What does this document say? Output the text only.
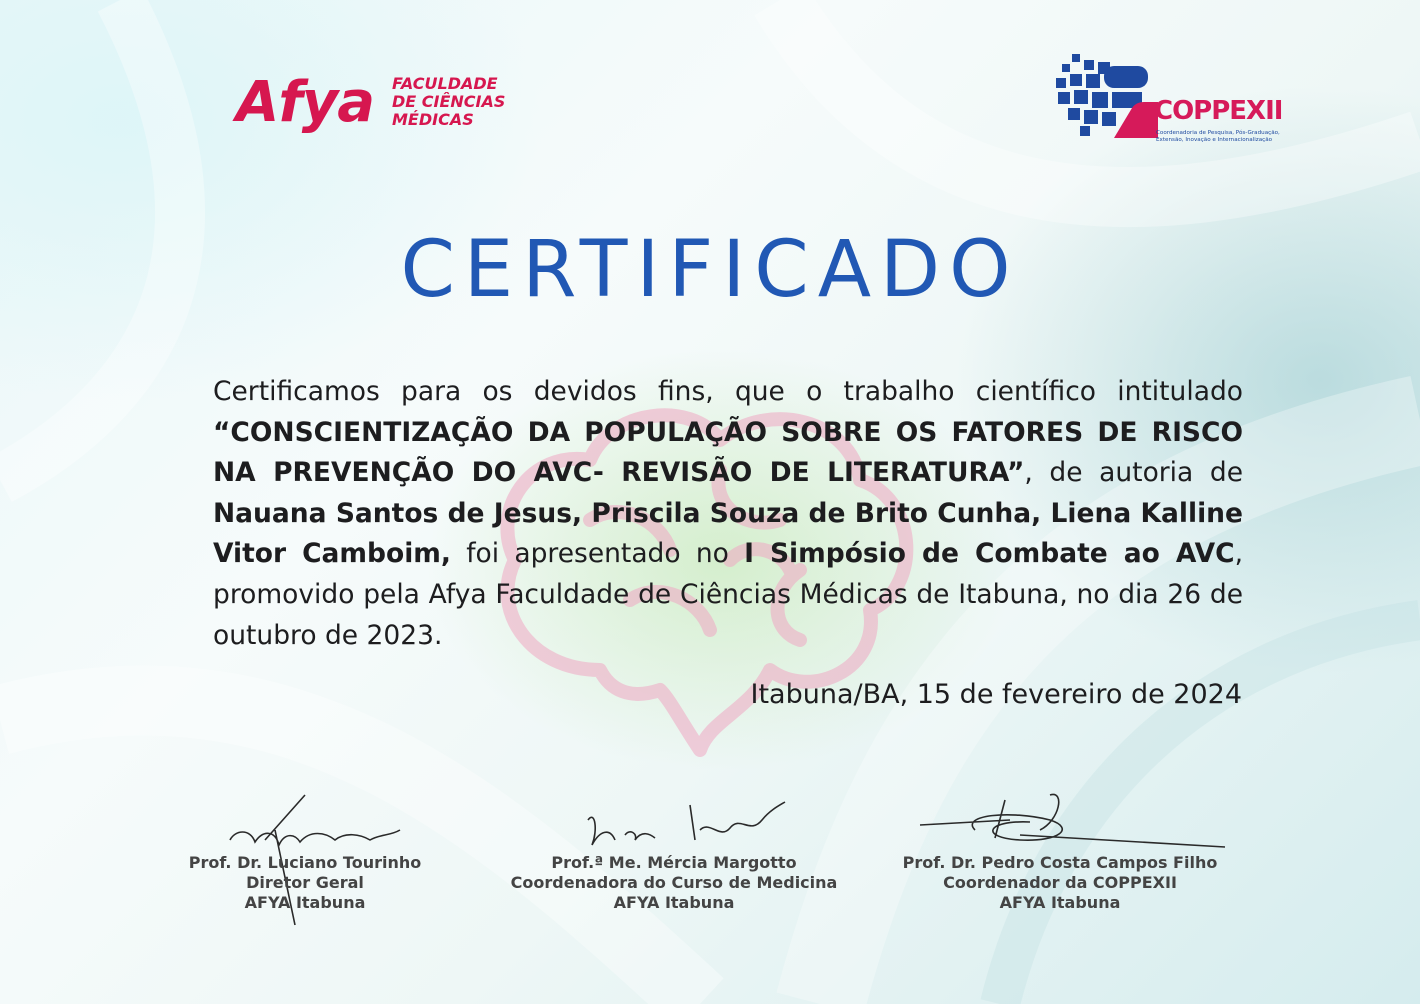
Afya FACULDADE
DE CIÊNCIAS
MÉDICAS	COPPEXII
Coordenadoria de Pesquisa, Pós-Graduação, Extensão, Inovação e Internacionalização
CERTIFICADO
Certificamos para os devidos fins, que o trabalho científico intitulado “CONSCIENTIZAÇÃO DA POPULAÇÃO SOBRE OS FATORES DE RISCO NA PREVENÇÃO DO AVC- REVISÃO DE LITERATURA”, de autoria de Nauana Santos de Jesus, Priscila Souza de Brito Cunha, Liena Kalline Vitor Camboim, foi apresentado no I Simpósio de Combate ao AVC, promovido pela Afya Faculdade de Ciências Médicas de Itabuna, no dia 26 de outubro de 2023.
Itabuna/BA, 15 de fevereiro de 2024
Prof. Dr. Luciano Tourinho
Diretor Geral
AFYA Itabuna
Prof.ª Me. Mércia Margotto
Coordenadora do Curso de Medicina
AFYA Itabuna
Prof. Dr. Pedro Costa Campos Filho
Coordenador da COPPEXII
AFYA Itabuna
